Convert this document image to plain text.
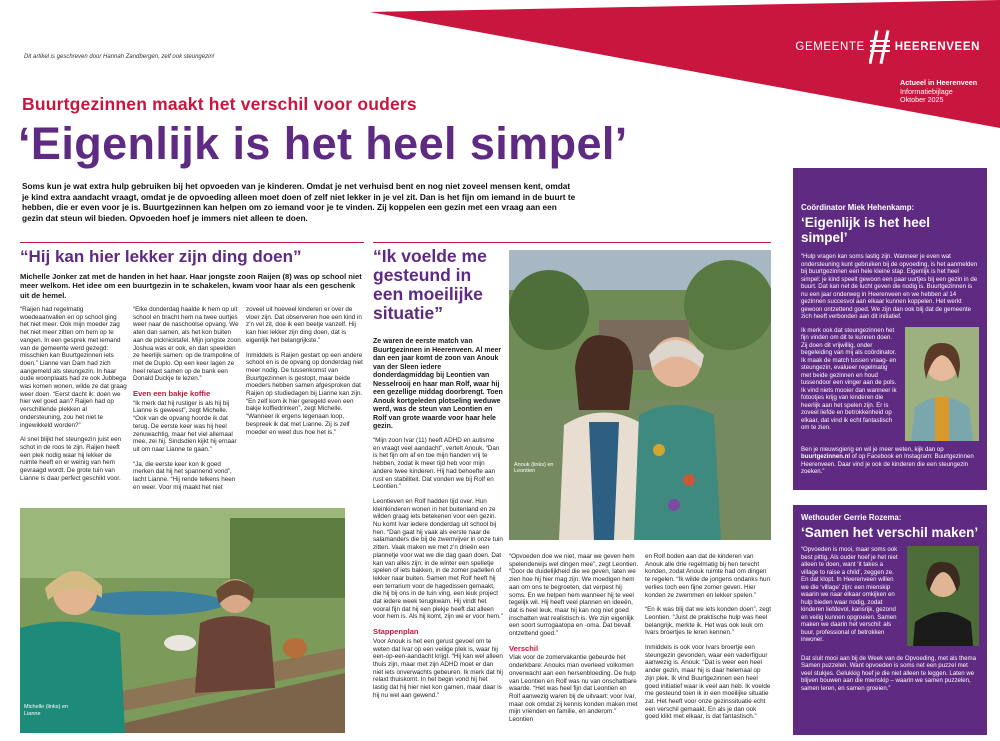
GEMEENTE	HEERENVEEN
Actueel in Heerenveen
Informatiebijlage
Oktober 2025
Dit artikel is geschreven door Hannah Zandbergen, zelf ook steungezin!
Buurtgezinnen maakt het verschil voor ouders
‘Eigenlijk is het heel simpel’
Soms kun je wat extra hulp gebruiken bij het opvoeden van je kinderen. Omdat je net verhuisd bent en nog niet zoveel mensen kent, omdat je kind extra aandacht vraagt, omdat je de opvoeding alleen moet doen of zelf niet lekker in je vel zit. Dan is het fijn om iemand in de buurt te hebben, die er even voor je is. Buurtgezinnen kan helpen om zo iemand voor je te vinden. Zij koppelen een gezin met een vraag aan een gezin dat steun wil bieden. Opvoeden hoef je immers niet alleen te doen.
“Hij kan hier lekker zijn ding doen”
Michelle Jonker zat met de handen in het haar. Haar jongste zoon Raijen (8) was op school niet meer welkom. Het idee om een buurtgezin in te schakelen, kwam voor haar als een geschenk uit de hemel.

“Raijen had regelmatig woedeaanvallen en op school ging het niet meer. Ook mijn moeder zag het niet meer zitten om hem op te vangen. In een gesprek met iemand van de gemeente werd gezegd: misschien kan Buurtgezinnen iets doen.” Lianne van Dam had zich aangemeld als steungezin. In haar oude woonplaats had ze ook Jubbega was komen wonen, wilde ze dat graag weer doen. “Eerst dacht ik: doen we hier wel goed aan? Raijen had op verschillende plekken al ondersteuning, zou het niet te ingewikkeld worden?”

Al snel blijkt het steungezin juist een schot in de roos te zijn. Raijen heeft een plek nodig waar hij lekker de ruimte heeft en er weinig van hem gevraagd wordt. De grote tuin van Lianne is daar perfect geschikt voor.

“Elke donderdag haalde ik hem op uit school en bracht hem na twee uurtjes weer naar de naschoolse opvang. We aten dan samen, als het kon buiten aan de picknicktafel. Mijn jongste zoon Joshua was er ook, en dan speelden ze heerlijk samen: op de trampoline of met de Duplo. Op een keer lagen ze heel relaxt samen op de bank een Donald Duckje te lezen.”

Even een bakje koffie

“Ik merk dat hij rustiger is als hij bij Lianne is geweest”, zegt Michelle. “Ook van de opvang hoorde ik dat terug. De eerste keer was hij heel zenuwachtig, maar het viel allemaal mee, zei hij. Sindsdien kijkt hij ernaar uit om naar Lianne te gaan.”

“Ja, die eerste keer kon ik goed merken dat hij het spannend vond”, lacht Lianne. “Hij rende telkens heen en weer. Voor mij maakt het niet

zoveel uit hoeveel kinderen er over de vloer zijn. Dat observeren hoe een kind in z’n vel zit, doe ik een beetje vanzelf. Hij kan hier lekker zijn ding doen, dat is eigenlijk het belangrijkste.”

Inmiddels is Raijen gestart op een andere school en is de opvang op donderdag niet meer nodig. De tussenkomst van Buurtgezinnen is gestopt, maar beide moeders hebben samen afgesproken dat Raijen op studiedagen bij Lianne kan zijn. “En zelf kom ik hier geregeld even een bakje koffiedrinken”, zegt Michelle. “Wanneer ik ergens tegenaan loop, bespreek ik dat met Lianne. Zij is zelf moeder en weet dus hoe het is.”

Michelle (links) en Lianne
“Ik voelde me gesteund in een moeilijke situatie”
Ze waren de eerste match van Buurtgezinnen in Heerenveen. Al meer dan een jaar komt de zoon van Anouk van der Sleen iedere donderdagmiddag bij Leontien van Nesselrooij en haar man Rolf, waar hij een gezellige middag doorbrengt. Toen Anouk kortgeleden plotseling weduwe werd, was de steun van Leontien en Rolf van grote waarde voor haar hele gezin.

“Mijn zoon Ivar (11) heeft ADHD en autisme en vraagt veel aandacht”, vertelt Anouk. “Dan is het fijn om af en toe mijn handen vrij te hebben, zodat ik meer tijd heb voor mijn andere twee kinderen. Hij had behoefte aan rust en stabiliteit. Dat vonden we bij Rolf en Leontien.”

Leontieven en Rolf hadden tijd over. Hun kleinkinderen wonen in het buitenland en ze wilden graag iets betekenen voor een gezin. Nu komt Ivar iedere donderdag uit school bij hen. “Dan gaat hij vaak als eerste naar de salamanders die bij de zwemvijver in onze tuin zitten. Vaak maken we met z’n drieën een plannetje voor wat we die dag gaan doen. Dat kan van alles zijn: in de winter een spelletje spelen of iets bakken, in de zomer padellen of lekker naar buiten. Samen met Rolf heeft hij een terrarium voor de hagedissen gemaakt, die hij bij ons in de tuin ving, een leuk project dat iedere week terugkwam. Hij vindt het vooral fijn dat hij een plekje heeft dat alleen voor hem is. Als hij komt, zijn we er voor hem.”

Stappenplan

Voor Anouk is het een gerust gevoel om te weten dat Ivar op een veilige plek is, waar hij een-op-een-aandacht krijgt. “Hij kan wel alleen thuis zijn, maar met zijn ADHD moet er dan niet iets onverwachts gebeuren. Ik merk dat hij relaxt thuiskomt. In het begin vond hij het lastig dat hij hier niet kon gamen, maar daar is hij nu wel aan gewend.”

Anouk (links) en Leontien

“Opvoeden doe we niet, maar we geven hem spelenderwijs wel dingen mee”, zegt Leontien. “Door de duidelijkheid die we geven, laten we zien hoe hij hier mag zijn. We moedigen hem aan om ons te begroeten, dat verpest hij soms. En we helpen hem wanneer hij te veel tegelijk wil. Hij heeft veel plannen en ideeën, dat is heel leuk, maar hij kan nog niet goed inschatten wat realistisch is. We zijn eigenlijk een soort surrogaatopa en -oma. Dat bevalt ontzettend goed.”

Verschil

Vlak voor de zomervakantie gebeurde het onderkbare: Anouks man overleed volkomen onverwacht aan een hersenbloeding. De hulp van Leontien en Rolf was nu van onschatbare waarde. “Het was heel fijn dat Leontien en Rolf aanwezig waren bij de uitvaart: voor Ivar, maar ook omdat zij kennis konden maken met mijn vrienden en familie, en anderom.” Leontien

en Rolf boden aan dat de kinderen van Anouk alle drie regelmatig bij hen terecht konden, zodat Anouk ruimte had om dingen te regelen. “Ik wilde de jongens ondanks hun verlies toch een fijne zomer geven. Hier konden ze zwemmen en lekker spelen.”

“En ik was blij dat we iets konden doen”, zegt Leontien. “Juist de praktische hulp was heel belangrijk, merkte ik. Het was ook leuk om Ivars broertjes te leren kennen.”

Inmiddels is ook voor Ivars broertje een steungezin gevonden, waar een vaderfiguur aanwezig is. Anouk: “Dat is weer een heel ander gezin, maar hij is daar helemaal op zijn plek. Ik vind Buurtgezinnen een heel goed initiatief waar ik veel aan heb. Ik voelde me gesteund toen ik in een moeilijke situatie zat. Het heeft voor onze gezinssituatie echt een verschil gemaakt. En als je dan ook goed klikt met elkaar, is dat fantastisch.”

Coördinator Miek Hehenkamp:
‘Eigenlijk is het heel simpel’

“Hulp vragen kan soms lastig zijn. Wanneer je even wat ondersteuning kunt gebruiken bij de opvoeding, is het aanmelden bij buurtgezinnen een hele kleine stap. Eigenlijk is het heel simpel: je kind speelt gewoon een paar uurtjes bij een gezin in de buurt. Dat kan net de lucht geven die nodig is. Buurtgezinnen is nu een jaar onderweg in Heerenveen en we hebben al 14 gezinnen succesvol aan elkaar kunnen koppelen. Het werkt gewoon ontzettend goed. We zijn dan ook blij dat de gemeente zich heeft verbonden aan dit initiatief.

Ik merk ook dat steungezinnen het fijn vinden om dit te kunnen doen. Zij doen dit vrijwillig, onder begeleiding van mij als coördinator. Ik maak de match tussen vraag- en steungezin, evalueer regelmatig met beide gezinnen en houd tussendoor een vinger aan de pols. Ik vind niets mooier dan wanneer ik fotootjes krijg van kinderen die heerlijk aan het spelen zijn. Er is zoveel liefde en betrokkenheid op elkaar, dat vind ik echt fantastisch om te zien.

Ben je nieuwsgierig en wil je meer weten, kijk dan op buurtgezinnen.nl of op Facebook en Instagram: Buurtgezinnen Heerenveen. Daar vind je ook de kinderen die een steungezin zoeken.”

Wethouder Gerrie Rozema:
‘Samen het verschil maken’

“Opvoeden is mooi, maar soms ook best pittig. Als ouder hoef je het niet alleen te doen, want ‘it takes a village to raise a child’, zeggen ze. En dat klopt. In Heerenveen willen we die ‘village’ zijn: een mienskip waarin we naar elkaar omkijken en hulp bieden waar nodig, zodat kinderen liefdevol, kansrijk, gezond en veilig kunnen opgroeien. Samen maken we daarin het verschil: als buur, professional of betrokken inwoner.

Dat sluit mooi aan bij de Week van de Opvoeding, met als thema Samen puzzelen. Want opvoeden is soms net een puzzel met veel stukjes. Gelukkig hoef je die niet alleen te leggen. Laten we blijven bouwen aan die mienskip – waarin we samen puzzelen, samen leren, en samen groeien.”
